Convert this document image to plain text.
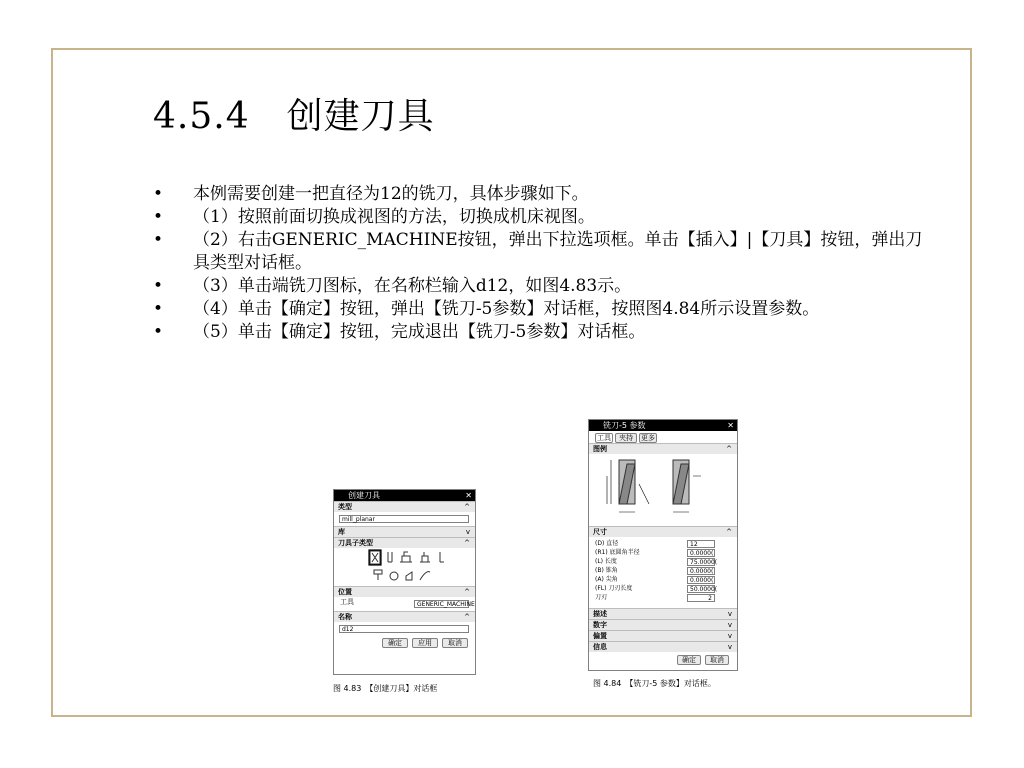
4.5.4　创建刀具
• 本例需要创建一把直径为12的铣刀，具体步骤如下。
• （1）按照前面切换成视图的方法，切换成机床视图。
• （2）右击GENERIC_MACHINE按钮，弹出下拉选项框。单击【插入】|【刀具】按钮，弹出刀具类型对话框。
• （3）单击端铣刀图标，在名称栏输入d12，如图4.83示。
• （4）单击【确定】按钮，弹出【铣刀-5参数】对话框，按照图4.84所示设置参数。
• （5）单击【确定】按钮，完成退出【铣刀-5参数】对话框。
创建刀具	✕
类型	^
mill_planar
库	v
刀具子类型	^
位置	^
工具	GENERIC_MACHINE
名称	^
d12
确定	应用	取消
图 4.83　【创建刀具】对话框
铣刀-5 参数	✕
工具	夹持	更多
图例	^
尺寸	^
(D) 直径	12
(R1) 底圆角半径	0.0000(
(L) 长度	75.0000(
(B) 锥角	0.0000(
(A) 尖角	0.0000(
(FL) 刀刃长度	50.0000(
刀刃	2
描述	v
数字	v
偏置	v
信息	v
确定	取消
图 4.84　【铣刀-5 参数】对话框。
